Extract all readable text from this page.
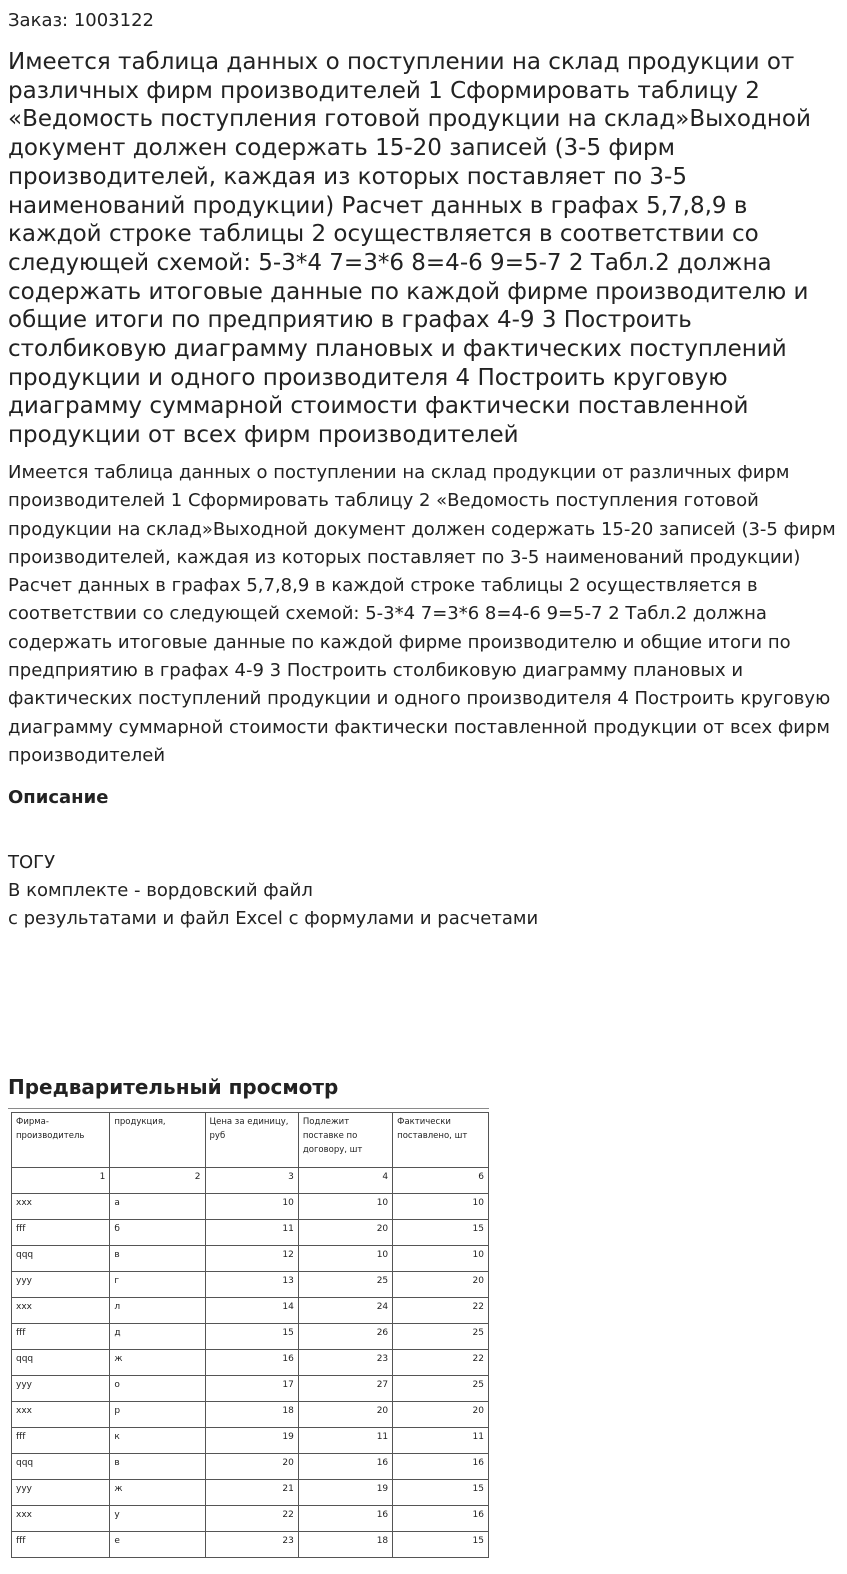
Заказ: 1003122

Имеется таблица данных о поступлении на склад продукции от различных фирм производителей 1 Сформировать таблицу 2 «Ведомость поступления готовой продукции на склад»Выходной документ должен содержать 15-20 записей (3-5 фирм производителей, каждая из которых поставляет по 3-5 наименований продукции) Расчет данных в графах 5,7,8,9 в каждой строке таблицы 2 осуществляется в соответствии со следующей схемой: 5-3*4 7=3*6 8=4-6 9=5-7 2 Табл.2 должна содержать итоговые данные по каждой фирме производителю и общие итоги по предприятию в графах 4-9 3 Построить столбиковую диаграмму плановых и фактических поступлений продукции и одного производителя 4 Построить круговую диаграмму суммарной стоимости фактически поставленной продукции от всех фирм производителей

Имеется таблица данных о поступлении на склад продукции от различных фирм производителей 1 Сформировать таблицу 2 «Ведомость поступления готовой продукции на склад»Выходной документ должен содержать 15-20 записей (3-5 фирм производителей, каждая из которых поставляет по 3-5 наименований продукции) Расчет данных в графах 5,7,8,9 в каждой строке таблицы 2 осуществляется в соответствии со следующей схемой: 5-3*4 7=3*6 8=4-6 9=5-7 2 Табл.2 должна содержать итоговые данные по каждой фирме производителю и общие итоги по предприятию в графах 4-9 3 Построить столбиковую диаграмму плановых и фактических поступлений продукции и одного производителя 4 Построить круговую диаграмму суммарной стоимости фактически поставленной продукции от всех фирм производителей

Описание
ТОГУ
В комплекте - вордовский файл
с результатами и файл Excel с формулами и расчетами
Предварительный просмотр
Фирма-производитель	продукция,	Цена за единицу, руб	Подлежит поставке по договору, шт	Фактически поставлено, шт
1	2	3	4	6
xxx	а	10	10	10
fff	б	11	20	15
qqq	в	12	10	10
yyy	г	13	25	20
xxx	л	14	24	22
fff	д	15	26	25
qqq	ж	16	23	22
yyy	о	17	27	25
xxx	р	18	20	20
fff	к	19	11	11
qqq	в	20	16	16
yyy	ж	21	19	15
xxx	у	22	16	16
fff	е	23	18	15
